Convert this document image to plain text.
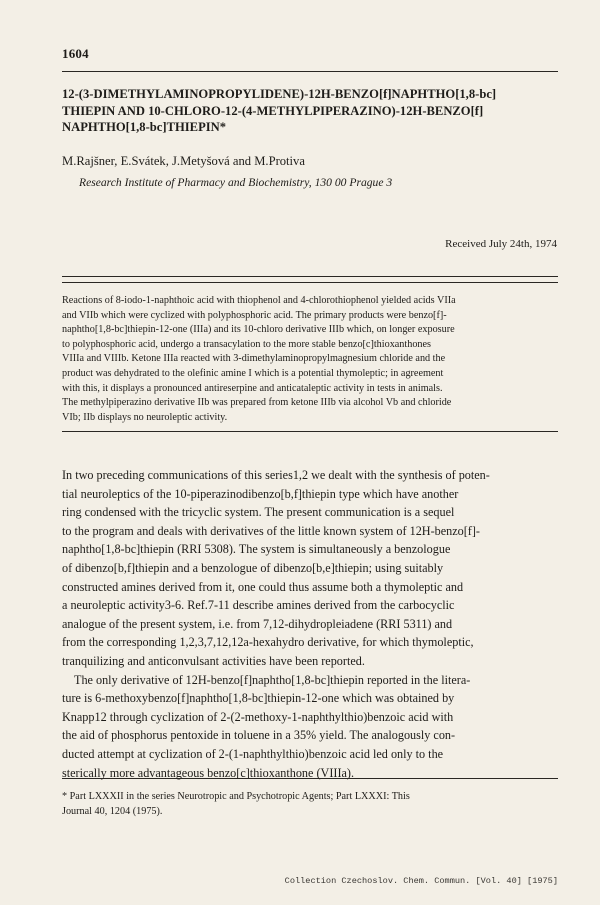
1604
12-(3-DIMETHYLAMINOPROPYLIDENE)-12H-BENZO[f]NAPHTHO[1,8-bc]
THIEPIN AND 10-CHLORO-12-(4-METHYLPIPERAZINO)-12H-BENZO[f]
NAPHTHO[1,8-bc]THIEPIN*
M.Rajšner, E.Svátek, J.Metyšová and M.Protiva
Research Institute of Pharmacy and Biochemistry, 130 00 Prague 3
Received July 24th, 1974
Reactions of 8-iodo-1-naphthoic acid with thiophenol and 4-chlorothiophenol yielded acids VIIa
and VIIb which were cyclized with polyphosphoric acid. The primary products were benzo[f]-
naphtho[1,8-bc]thiepin-12-one (IIIa) and its 10-chloro derivative IIIb which, on longer exposure
to polyphosphoric acid, undergo a transacylation to the more stable benzo[c]thioxanthones
VIIIa and VIIIb. Ketone IIIa reacted with 3-dimethylaminopropylmagnesium chloride and the
product was dehydrated to the olefinic amine I which is a potential thymoleptic; in agreement
with this, it displays a pronounced antireserpine and anticataleptic activity in tests in animals.
The methylpiperazino derivative IIb was prepared from ketone IIIb via alcohol Vb and chloride
VIb; IIb displays no neuroleptic activity.
In two preceding communications of this series1,2 we dealt with the synthesis of poten-
tial neuroleptics of the 10-piperazinodibenzo[b,f]thiepin type which have another
ring condensed with the tricyclic system. The present communication is a sequel
to the program and deals with derivatives of the little known system of 12H-benzo[f]-
naphtho[1,8-bc]thiepin (RRI 5308). The system is simultaneously a benzologue
of dibenzo[b,f]thiepin and a benzologue of dibenzo[b,e]thiepin; using suitably
constructed amines derived from it, one could thus assume both a thymoleptic and
a neuroleptic activity3-6. Ref.7-11 describe amines derived from the carbocyclic
analogue of the present system, i.e. from 7,12-dihydropleiadene (RRI 5311) and
from the corresponding 1,2,3,7,12,12a-hexahydro derivative, for which thymoleptic,
tranquilizing and anticonvulsant activities have been reported.
The only derivative of 12H-benzo[f]naphtho[1,8-bc]thiepin reported in the litera-
ture is 6-methoxybenzo[f]naphtho[1,8-bc]thiepin-12-one which was obtained by
Knapp12 through cyclization of 2-(2-methoxy-1-naphthylthio)benzoic acid with
the aid of phosphorus pentoxide in toluene in a 35% yield. The analogously con-
ducted attempt at cyclization of 2-(1-naphthylthio)benzoic acid led only to the
sterically more advantageous benzo[c]thioxanthone (VIIIa).
* Part LXXXII in the series Neurotropic and Psychotropic Agents; Part LXXXI: This
Journal 40, 1204 (1975).
Collection Czechoslov. Chem. Commun. [Vol. 40] [1975]
